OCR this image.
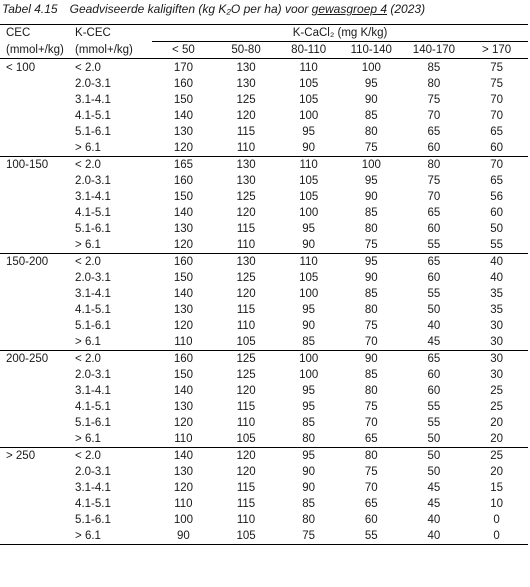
Tabel 4.15 Geadviseerde kaligiften (kg K₂O per ha) voor gewasgroep 4 (2023)
CEC	K-CEC	K-CaCl₂ (mg K/kg)					
(mmol+/kg)	(mmol+/kg)	< 50	50-80	80-110	110-140	140-170	> 170
< 100	< 2.0	170	130	110	100	85	75
	2.0-3.1	160	130	105	95	80	75
	3.1-4.1	150	125	105	90	75	70
	4.1-5.1	140	120	100	85	70	70
	5.1-6.1	130	115	95	80	65	65
	> 6.1	120	110	90	75	60	60
100-150	< 2.0	165	130	110	100	80	70
	2.0-3.1	160	130	105	95	75	65
	3.1-4.1	150	125	105	90	70	56
	4.1-5.1	140	120	100	85	65	60
	5.1-6.1	130	115	95	80	60	50
	> 6.1	120	110	90	75	55	55
150-200	< 2.0	160	130	110	95	65	40
	2.0-3.1	150	125	105	90	60	40
	3.1-4.1	140	120	100	85	55	35
	4.1-5.1	130	115	95	80	50	35
	5.1-6.1	120	110	90	75	40	30
	> 6.1	110	105	85	70	45	30
200-250	< 2.0	160	125	100	90	65	30
	2.0-3.1	150	125	100	85	60	30
	3.1-4.1	140	120	95	80	60	25
	4.1-5.1	130	115	95	75	55	25
	5.1-6.1	120	110	85	70	55	20
	> 6.1	110	105	80	65	50	20
> 250	< 2.0	140	120	95	80	50	25
	2.0-3.1	130	120	90	75	50	20
	3.1-4.1	120	115	90	70	45	15
	4.1-5.1	110	115	85	65	45	10
	5.1-6.1	100	110	80	60	40	0
	> 6.1	90	105	75	55	40	0
